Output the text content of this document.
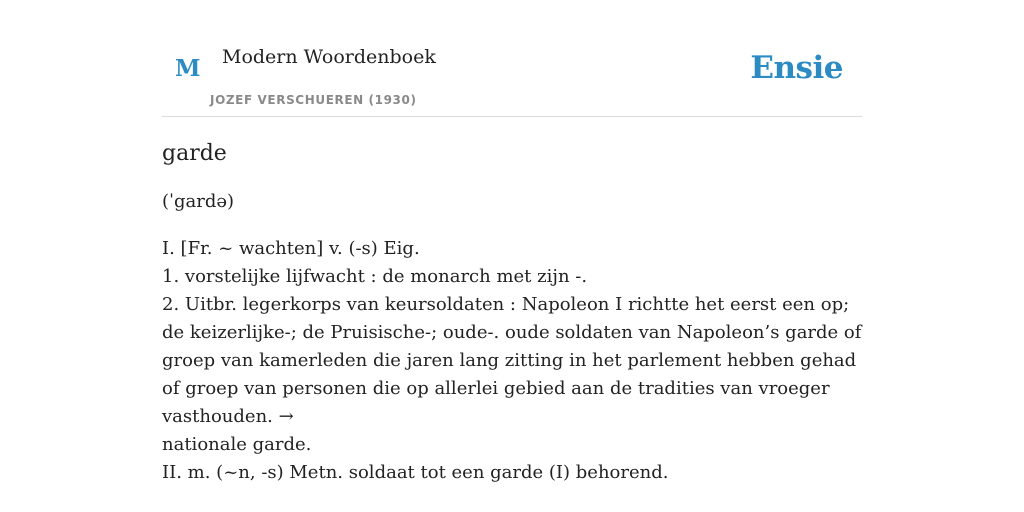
M Modern Woordenboek
JOZEF VERSCHUEREN (1930)
Ensie
garde
(ˈgardə)

I. [Fr. ~ wachten] v. (-s) Eig.

1. vorstelijke lijfwacht : de monarch met zijn -.

2. Uitbr. legerkorps van keursoldaten : Napoleon I richtte het eerst een op; de keizerlijke-; de Pruisische-; oude-. oude soldaten van Napoleon’s garde of groep van kamerleden die jaren lang zitting in het parlement hebben gehad of groep van personen die op allerlei gebied aan de tradities van vroeger vasthouden. →
nationale garde.

II. m. (~n, -s) Metn. soldaat tot een garde (I) behorend.
